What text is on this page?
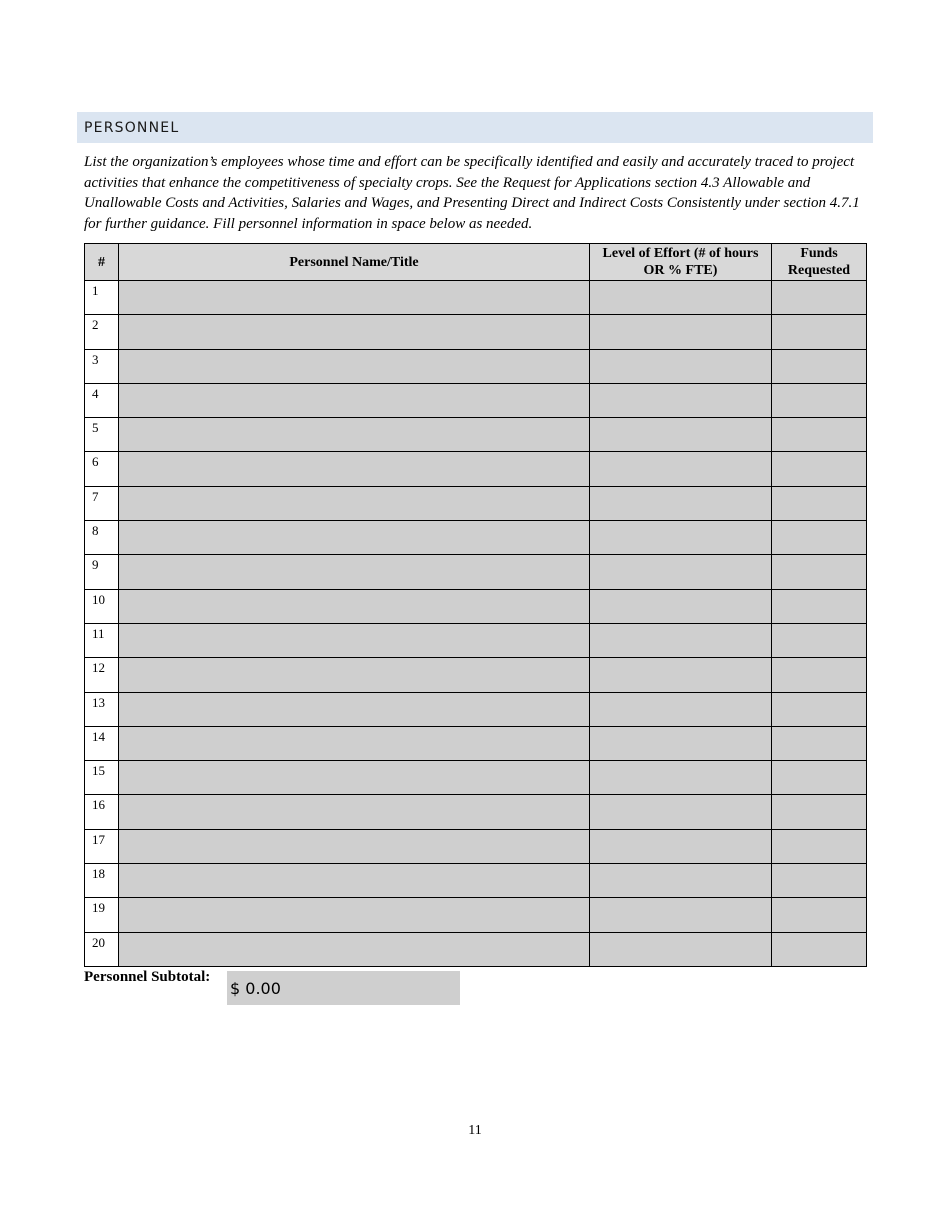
PERSONNEL

List the organization’s employees whose time and effort can be specifically identified and easily and accurately traced to project activities that enhance the competitiveness of specialty crops. See the Request for Applications section 4.3 Allowable and Unallowable Costs and Activities, Salaries and Wages, and Presenting Direct and Indirect Costs Consistently under section 4.7.1 for further guidance. Fill personnel information in space below as needed.

#	Personnel Name/Title	Level of Effort (# of hours OR % FTE)	Funds Requested
1			
2			
3			
4			
5			
6			
7			
8			
9			
10			
11			
12			
13			
14			
15			
16			
17			
18			
19			
20			
Personnel Subtotal:
$ 0.00
11
